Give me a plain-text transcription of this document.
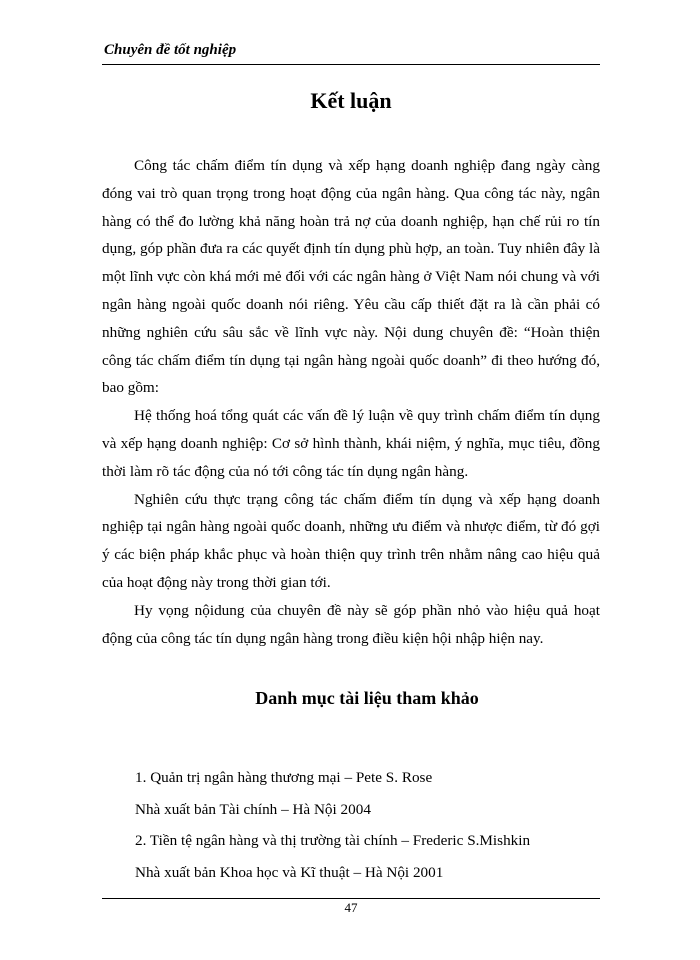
Chuyên đề tốt nghiệp
Kết luận

Công tác chấm điểm tín dụng và xếp hạng doanh nghiệp đang ngày càng đóng vai trò quan trọng trong hoạt động của ngân hàng. Qua công tác này, ngân hàng có thể đo lường khả năng hoàn trả nợ của doanh nghiệp, hạn chế rủi ro tín dụng, góp phần đưa ra các quyết định tín dụng phù hợp, an toàn. Tuy nhiên đây là một lĩnh vực còn khá mới mẻ đối với các ngân hàng ở Việt Nam nói chung và với ngân hàng ngoài quốc doanh nói riêng. Yêu cầu cấp thiết đặt ra là cần phải có những nghiên cứu sâu sắc về lĩnh vực này. Nội dung chuyên đề: “Hoàn thiện công tác chấm điểm tín dụng tại ngân hàng ngoài quốc doanh” đi theo hướng đó, bao gồm:

Hệ thống hoá tổng quát các vấn đề lý luận về quy trình chấm điểm tín dụng và xếp hạng doanh nghiệp: Cơ sở hình thành, khái niệm, ý nghĩa, mục tiêu, đồng thời làm rõ tác động của nó tới công tác tín dụng ngân hàng.

Nghiên cứu thực trạng công tác chấm điểm tín dụng và xếp hạng doanh nghiệp tại ngân hàng ngoài quốc doanh, những ưu điểm và nhược điểm, từ đó gợi ý các biện pháp khắc phục và hoàn thiện quy trình trên nhằm nâng cao hiệu quả của hoạt động này trong thời gian tới.

Hy vọng nộidung của chuyên đề này sẽ góp phần nhỏ vào hiệu quả hoạt động của công tác tín dụng ngân hàng trong điều kiện hội nhập hiện nay.

Danh mục tài liệu tham khảo
1. Quản trị ngân hàng thương mại – Pete S. Rose
Nhà xuất bản Tài chính – Hà Nội 2004
2. Tiền tệ ngân hàng và thị trường tài chính – Frederic S.Mishkin
Nhà xuất bản Khoa học và Kĩ thuật – Hà Nội 2001
47
